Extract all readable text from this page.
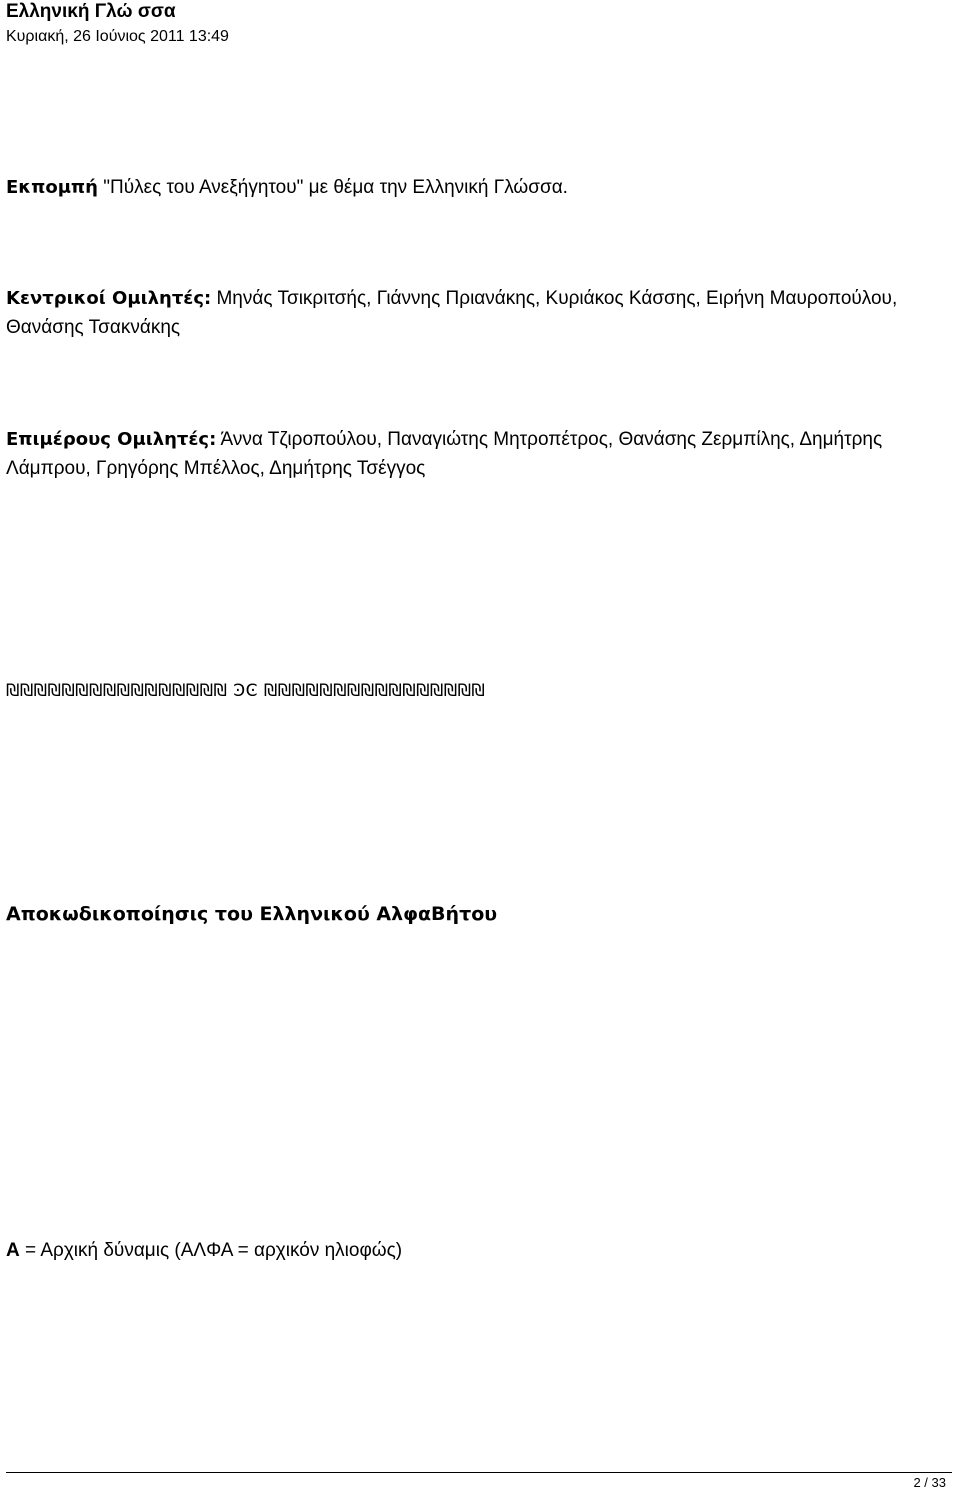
Ελληνική Γλώ σσα
Κυριακή, 26 Ιούνιος 2011 13:49
Εκπομπή "Πύλες του Ανεξήγητου" με θέμα την Ελληνική Γλώσσα.
Κεντρικοί Ομιλητές: Μηνάς Τσικριτσής, Γιάννης Πριανάκης, Κυριάκος Κάσσης, Ειρήνη Μαυροπούλου, Θανάσης Τσακνάκης
Επιμέρους Ομιλητές: Άννα Τζιροπούλου, Παναγιώτης Μητροπέτρος, Θανάσης Ζερμπίλης, Δημήτρης Λάμπρου, Γρηγόρης Μπέλλος, Δημήτρης Τσέγγος
₪₪₪₪₪₪₪₪₪₪₪₪₪₪₪₪ ϿϾ ₪₪₪₪₪₪₪₪₪₪₪₪₪₪₪₪
Αποκωδικοποίησις του Ελληνικού ΑλφαΒήτου
Α = Αρχική δύναμις (ΑΛΦΑ = αρχικόν ηλιοφώς)
2 / 33
